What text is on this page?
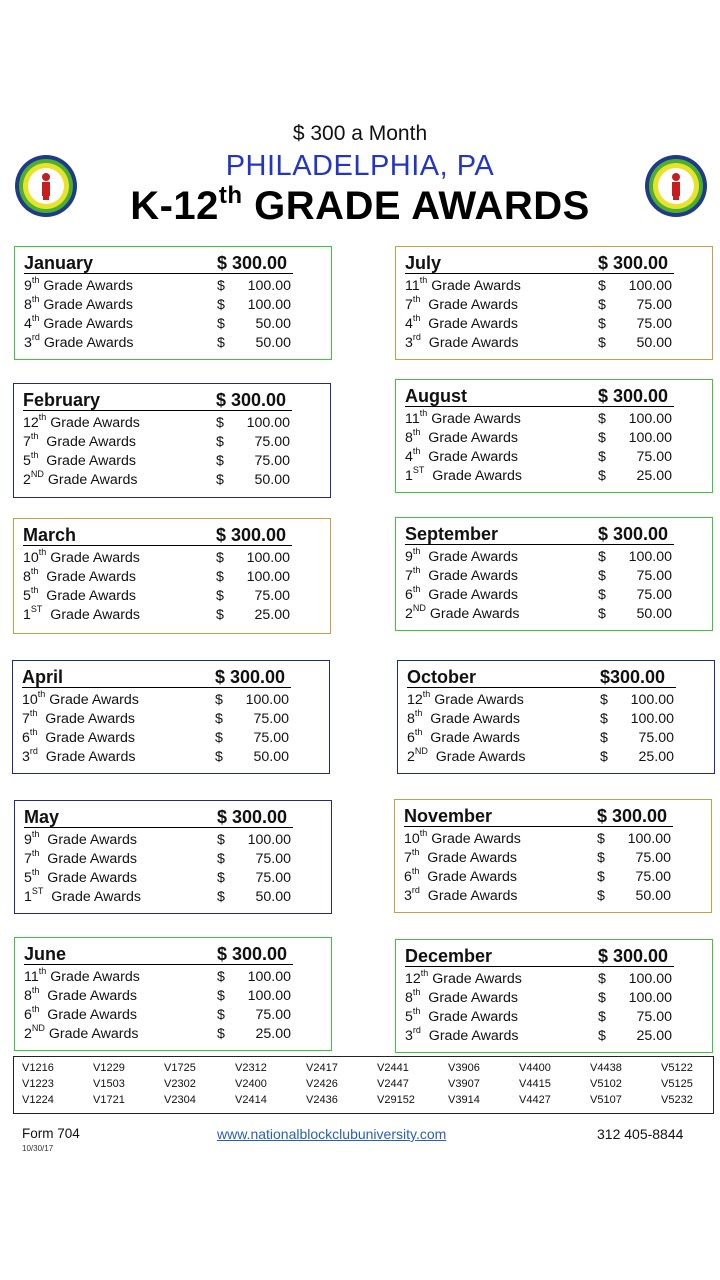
$ 300 a Month
PHILADELPHIA, PA
K-12th GRADE AWARDS
January	$ 300.00
9th Grade Awards	$	100.00
8th Grade Awards	$	100.00
4th Grade Awards	$	50.00
3rd Grade Awards	$	50.00
July	$ 300.00
11th Grade Awards	$	100.00
7th  Grade Awards	$	75.00
4th  Grade Awards	$	75.00
3rd  Grade Awards	$	50.00
February	$ 300.00
12th Grade Awards	$	100.00
7th  Grade Awards	$	75.00
5th  Grade Awards	$	75.00
2ND Grade Awards	$	50.00
August	$ 300.00
11th Grade Awards	$	100.00
8th  Grade Awards	$	100.00
4th  Grade Awards	$	75.00
1ST  Grade Awards	$	25.00
March	$ 300.00
10th Grade Awards	$	100.00
8th  Grade Awards	$	100.00
5th  Grade Awards	$	75.00
1ST  Grade Awards	$	25.00
September	$ 300.00
9th  Grade Awards	$	100.00
7th  Grade Awards	$	75.00
6th  Grade Awards	$	75.00
2ND Grade Awards	$	50.00
April	$ 300.00
10th Grade Awards	$	100.00
7th  Grade Awards	$	75.00
6th  Grade Awards	$	75.00
3rd  Grade Awards	$	50.00
October	$300.00
12th Grade Awards	$	100.00
8th  Grade Awards	$	100.00
6th  Grade Awards	$	75.00
2ND  Grade Awards	$	25.00
May	$ 300.00
9th  Grade Awards	$	100.00
7th  Grade Awards	$	75.00
5th  Grade Awards	$	75.00
1ST  Grade Awards	$	50.00
November	$ 300.00
10th Grade Awards	$	100.00
7th  Grade Awards	$	75.00
6th  Grade Awards	$	75.00
3rd  Grade Awards	$	50.00
June	$ 300.00
11th Grade Awards	$	100.00
8th  Grade Awards	$	100.00
6th  Grade Awards	$	75.00
2ND Grade Awards	$	25.00
December	$ 300.00
12th Grade Awards	$	100.00
8th  Grade Awards	$	100.00
5th  Grade Awards	$	75.00
3rd  Grade Awards	$	25.00
V1216	V1229	V1725	V2312	V2417	V2441	V3906	V4400	V4438	V5122
V1223	V1503	V2302	V2400	V2426	V2447	V3907	V4415	V5102	V5125
V1224	V1721	V2304	V2414	V2436	V29152	V3914	V4427	V5107	V5232
Form 704
10/30/17
www.nationalblockclubuniversity.com	312 405-8844
